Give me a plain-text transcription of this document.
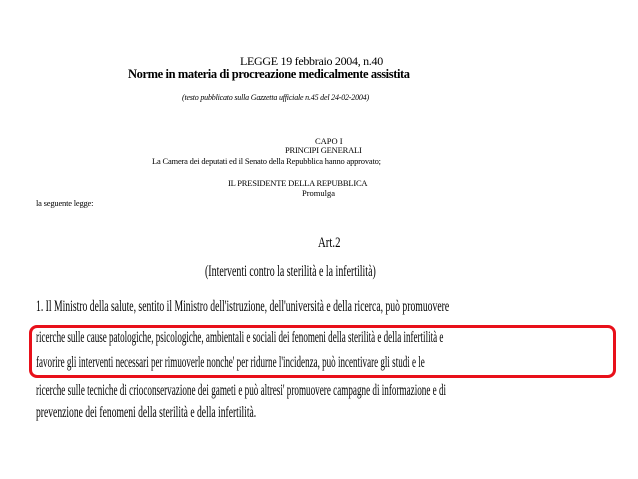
LEGGE 19 febbraio 2004, n.40
Norme in materia di procreazione medicalmente assistita
(testo pubblicato sulla Gazzetta ufficiale n.45 del 24-02-2004)
CAPO I
PRINCIPI GENERALI
La Camera dei deputati ed il Senato della Repubblica hanno approvato;
IL PRESIDENTE DELLA REPUBBLICA
Promulga
la seguente legge:
Art.2
(Interventi contro la sterilità e la infertilità)
1. Il Ministro della salute, sentito il Ministro dell'istruzione, dell'università e della ricerca, può promuovere
ricerche sulle cause patologiche, psicologiche, ambientali e sociali dei fenomeni della sterilità e della infertilità e
favorire gli interventi necessari per rimuoverle nonche' per ridurne l'incidenza, può incentivare gli studi e le
ricerche sulle tecniche di crioconservazione dei gameti e può altresi' promuovere campagne di informazione e di
prevenzione dei fenomeni della sterilità e della infertilità.
